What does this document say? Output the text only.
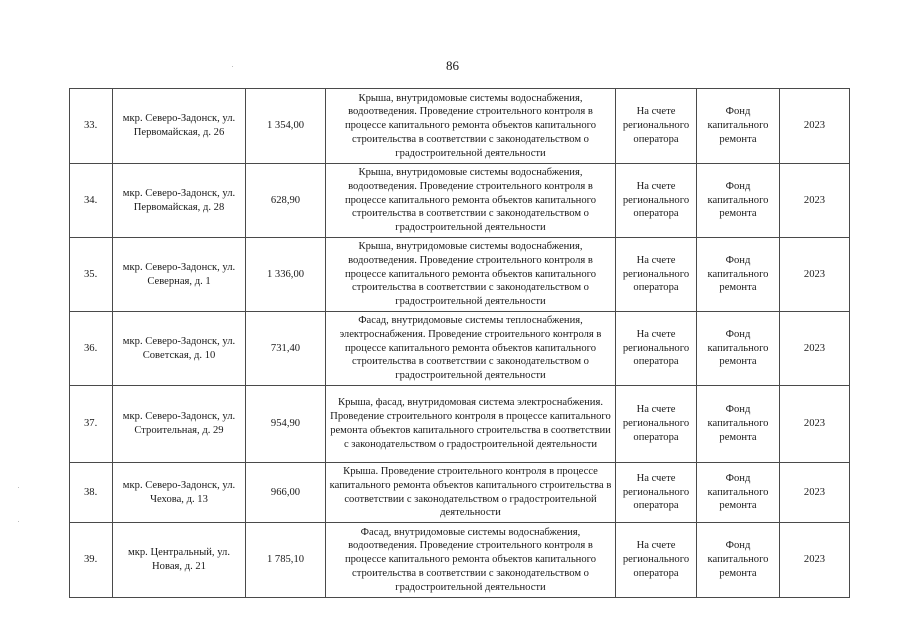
86
33.	мкр. Северо-Задонск, ул. Первомайская, д. 26	1 354,00	Крыша, внутридомовые системы водоснабжения, водоотведения. Проведение строительного контроля в процессе капитального ремонта объектов капитального строительства в соответствии с законодательством о градостроительной деятельности	На счете регионального оператора	Фонд капитального ремонта	2023
34.	мкр. Северо-Задонск, ул. Первомайская, д. 28	628,90	Крыша, внутридомовые системы водоснабжения, водоотведения. Проведение строительного контроля в процессе капитального ремонта объектов капитального строительства в соответствии с законодательством о градостроительной деятельности	На счете регионального оператора	Фонд капитального ремонта	2023
35.	мкр. Северо-Задонск, ул. Северная, д. 1	1 336,00	Крыша, внутридомовые системы водоснабжения, водоотведения. Проведение строительного контроля в процессе капитального ремонта объектов капитального строительства в соответствии с законодательством о градостроительной деятельности	На счете регионального оператора	Фонд капитального ремонта	2023
36.	мкр. Северо-Задонск, ул. Советская, д. 10	731,40	Фасад, внутридомовые системы теплоснабжения, электроснабжения. Проведение строительного контроля в процессе капитального ремонта объектов капитального строительства в соответствии с законодательством о градостроительной деятельности	На счете регионального оператора	Фонд капитального ремонта	2023
37.	мкр. Северо-Задонск, ул. Строительная, д. 29	954,90	Крыша, фасад, внутридомовая система электроснабжения. Проведение строительного контроля в процессе капитального ремонта объектов капитального строительства в соответствии с законодательством о градостроительной деятельности	На счете регионального оператора	Фонд капитального ремонта	2023
38.	мкр. Северо-Задонск, ул. Чехова, д. 13	966,00	Крыша. Проведение строительного контроля в процессе капитального ремонта объектов капитального строительства в соответствии с законодательством о градостроительной деятельности	На счете регионального оператора	Фонд капитального ремонта	2023
39.	мкр. Центральный, ул. Новая, д. 21	1 785,10	Фасад, внутридомовые системы водоснабжения, водоотведения. Проведение строительного контроля в процессе капитального ремонта объектов капитального строительства в соответствии с законодательством о градостроительной деятельности	На счете регионального оператора	Фонд капитального ремонта	2023
